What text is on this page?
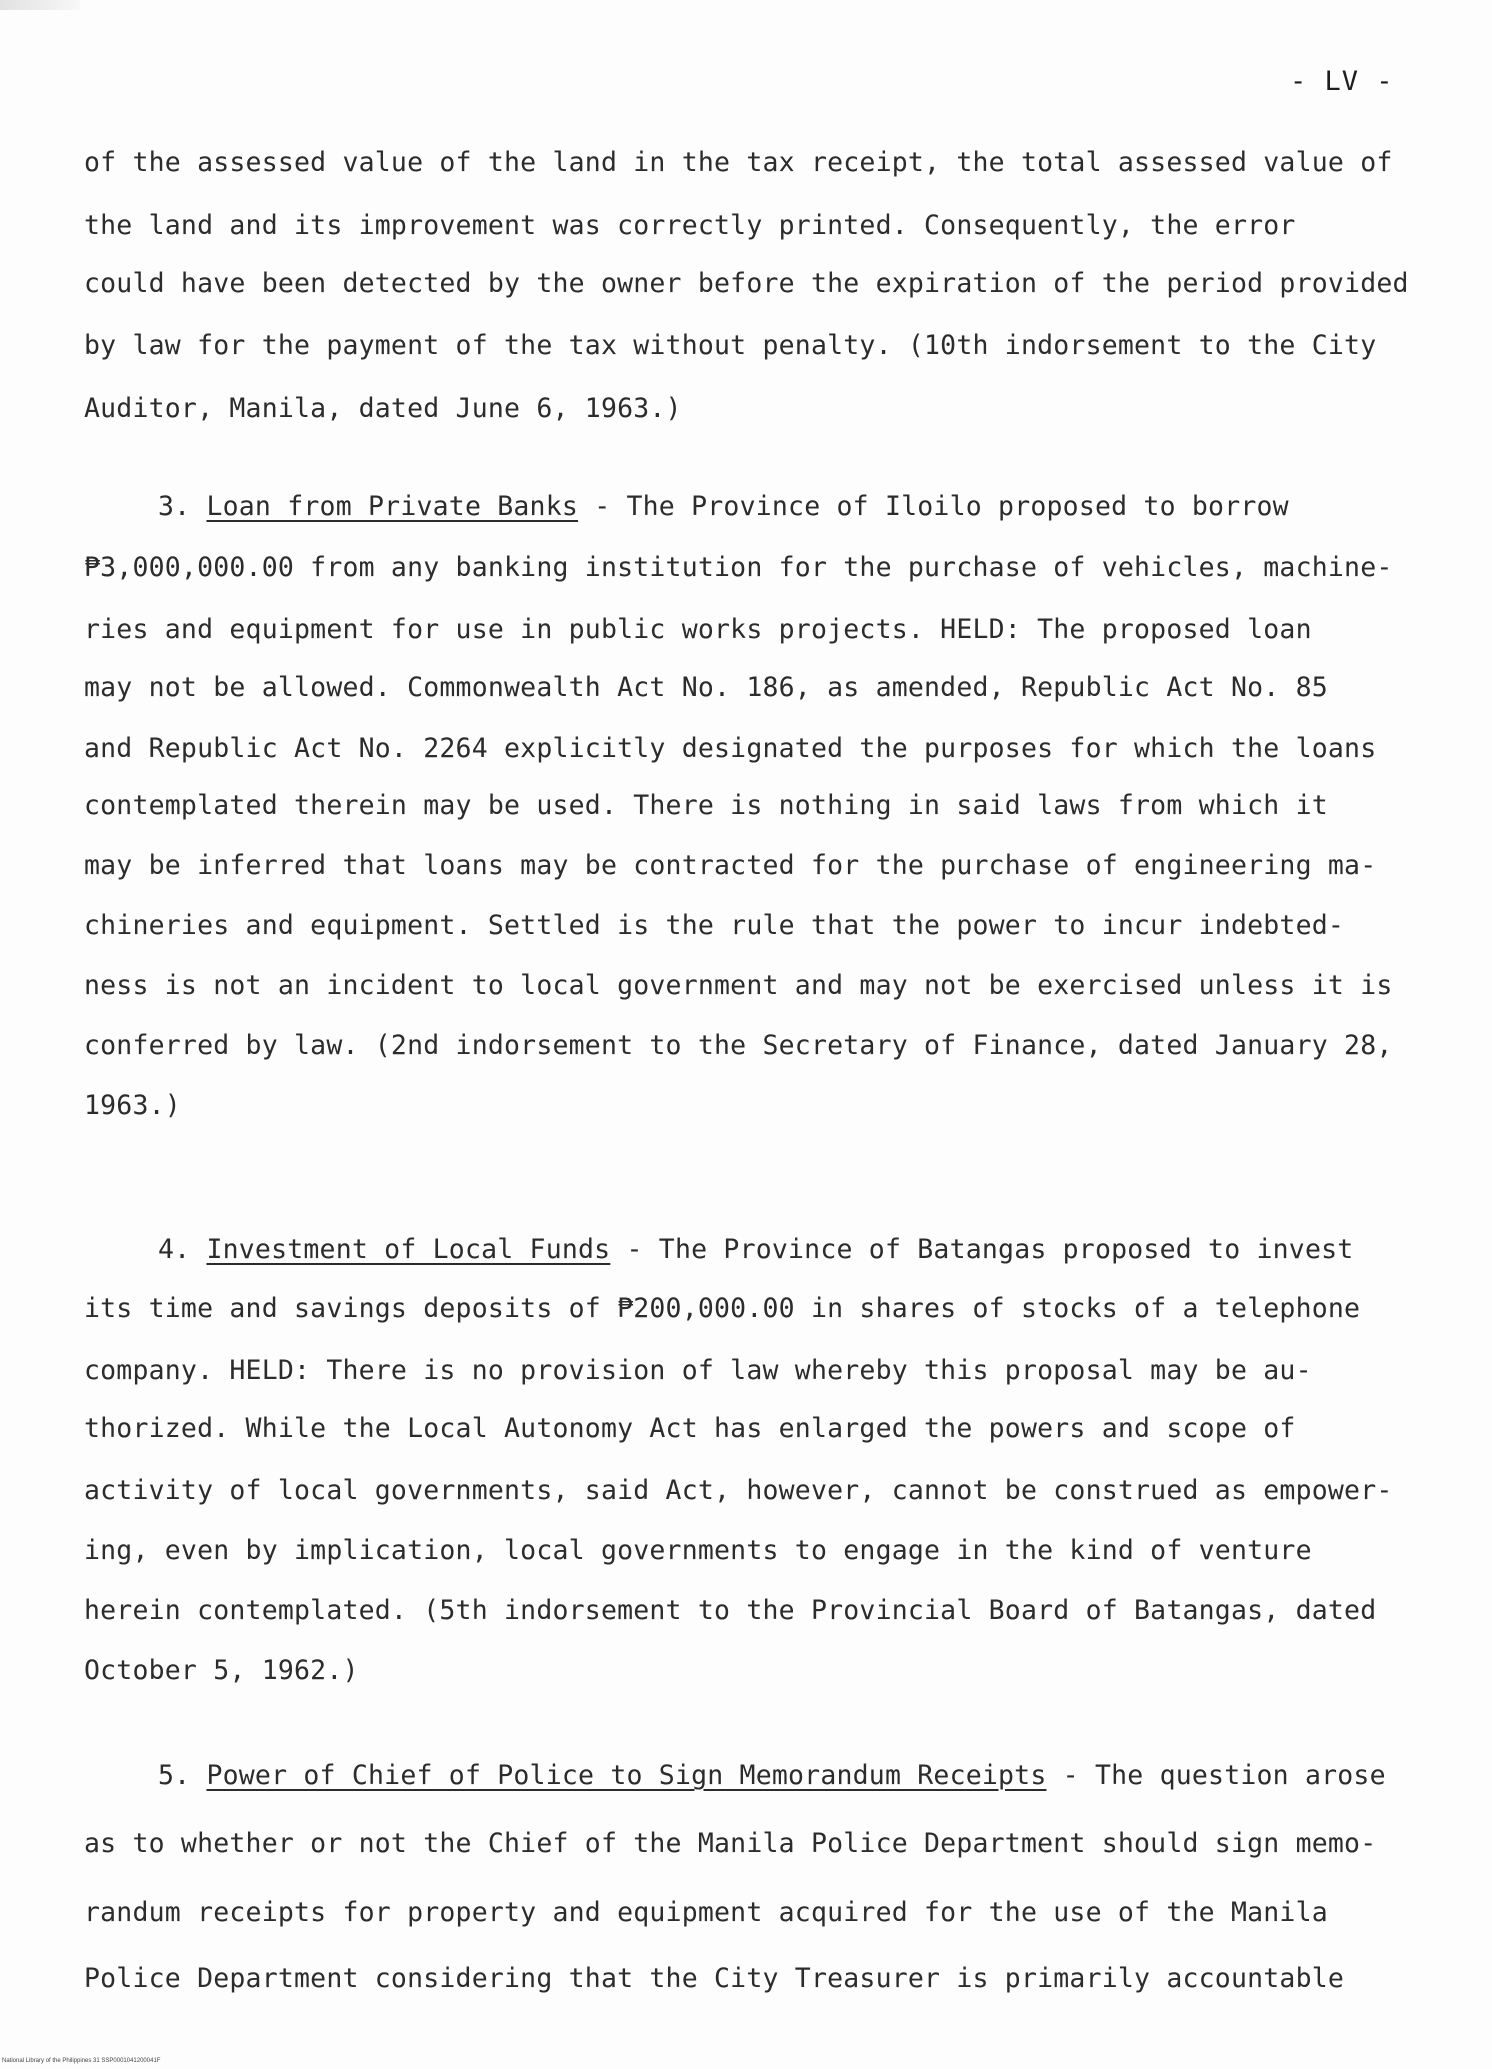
- LV -
of the assessed value of the land in the tax receipt, the total assessed value of
the land and its improvement was correctly printed. Consequently, the error
could have been detected by the owner before the expiration of the period provided
by law for the payment of the tax without penalty. (10th indorsement to the City
Auditor, Manila, dated June 6, 1963.)
3. Loan from Private Banks - The Province of Iloilo proposed to borrow
₱3,000,000.00 from any banking institution for the purchase of vehicles, machine-
ries and equipment for use in public works projects. HELD: The proposed loan
may not be allowed. Commonwealth Act No. 186, as amended, Republic Act No. 85
and Republic Act No. 2264 explicitly designated the purposes for which the loans
contemplated therein may be used. There is nothing in said laws from which it
may be inferred that loans may be contracted for the purchase of engineering ma-
chineries and equipment. Settled is the rule that the power to incur indebted-
ness is not an incident to local government and may not be exercised unless it is
conferred by law. (2nd indorsement to the Secretary of Finance, dated January 28,
1963.)
4. Investment of Local Funds - The Province of Batangas proposed to invest
its time and savings deposits of ₱200,000.00 in shares of stocks of a telephone
company. HELD: There is no provision of law whereby this proposal may be au-
thorized. While the Local Autonomy Act has enlarged the powers and scope of
activity of local governments, said Act, however, cannot be construed as empower-
ing, even by implication, local governments to engage in the kind of venture
herein contemplated. (5th indorsement to the Provincial Board of Batangas, dated
October 5, 1962.)
5. Power of Chief of Police to Sign Memorandum Receipts - The question arose
as to whether or not the Chief of the Manila Police Department should sign memo-
randum receipts for property and equipment acquired for the use of the Manila
Police Department considering that the City Treasurer is primarily accountable
National Library of the Philippines 31 SSP0001041200041F
